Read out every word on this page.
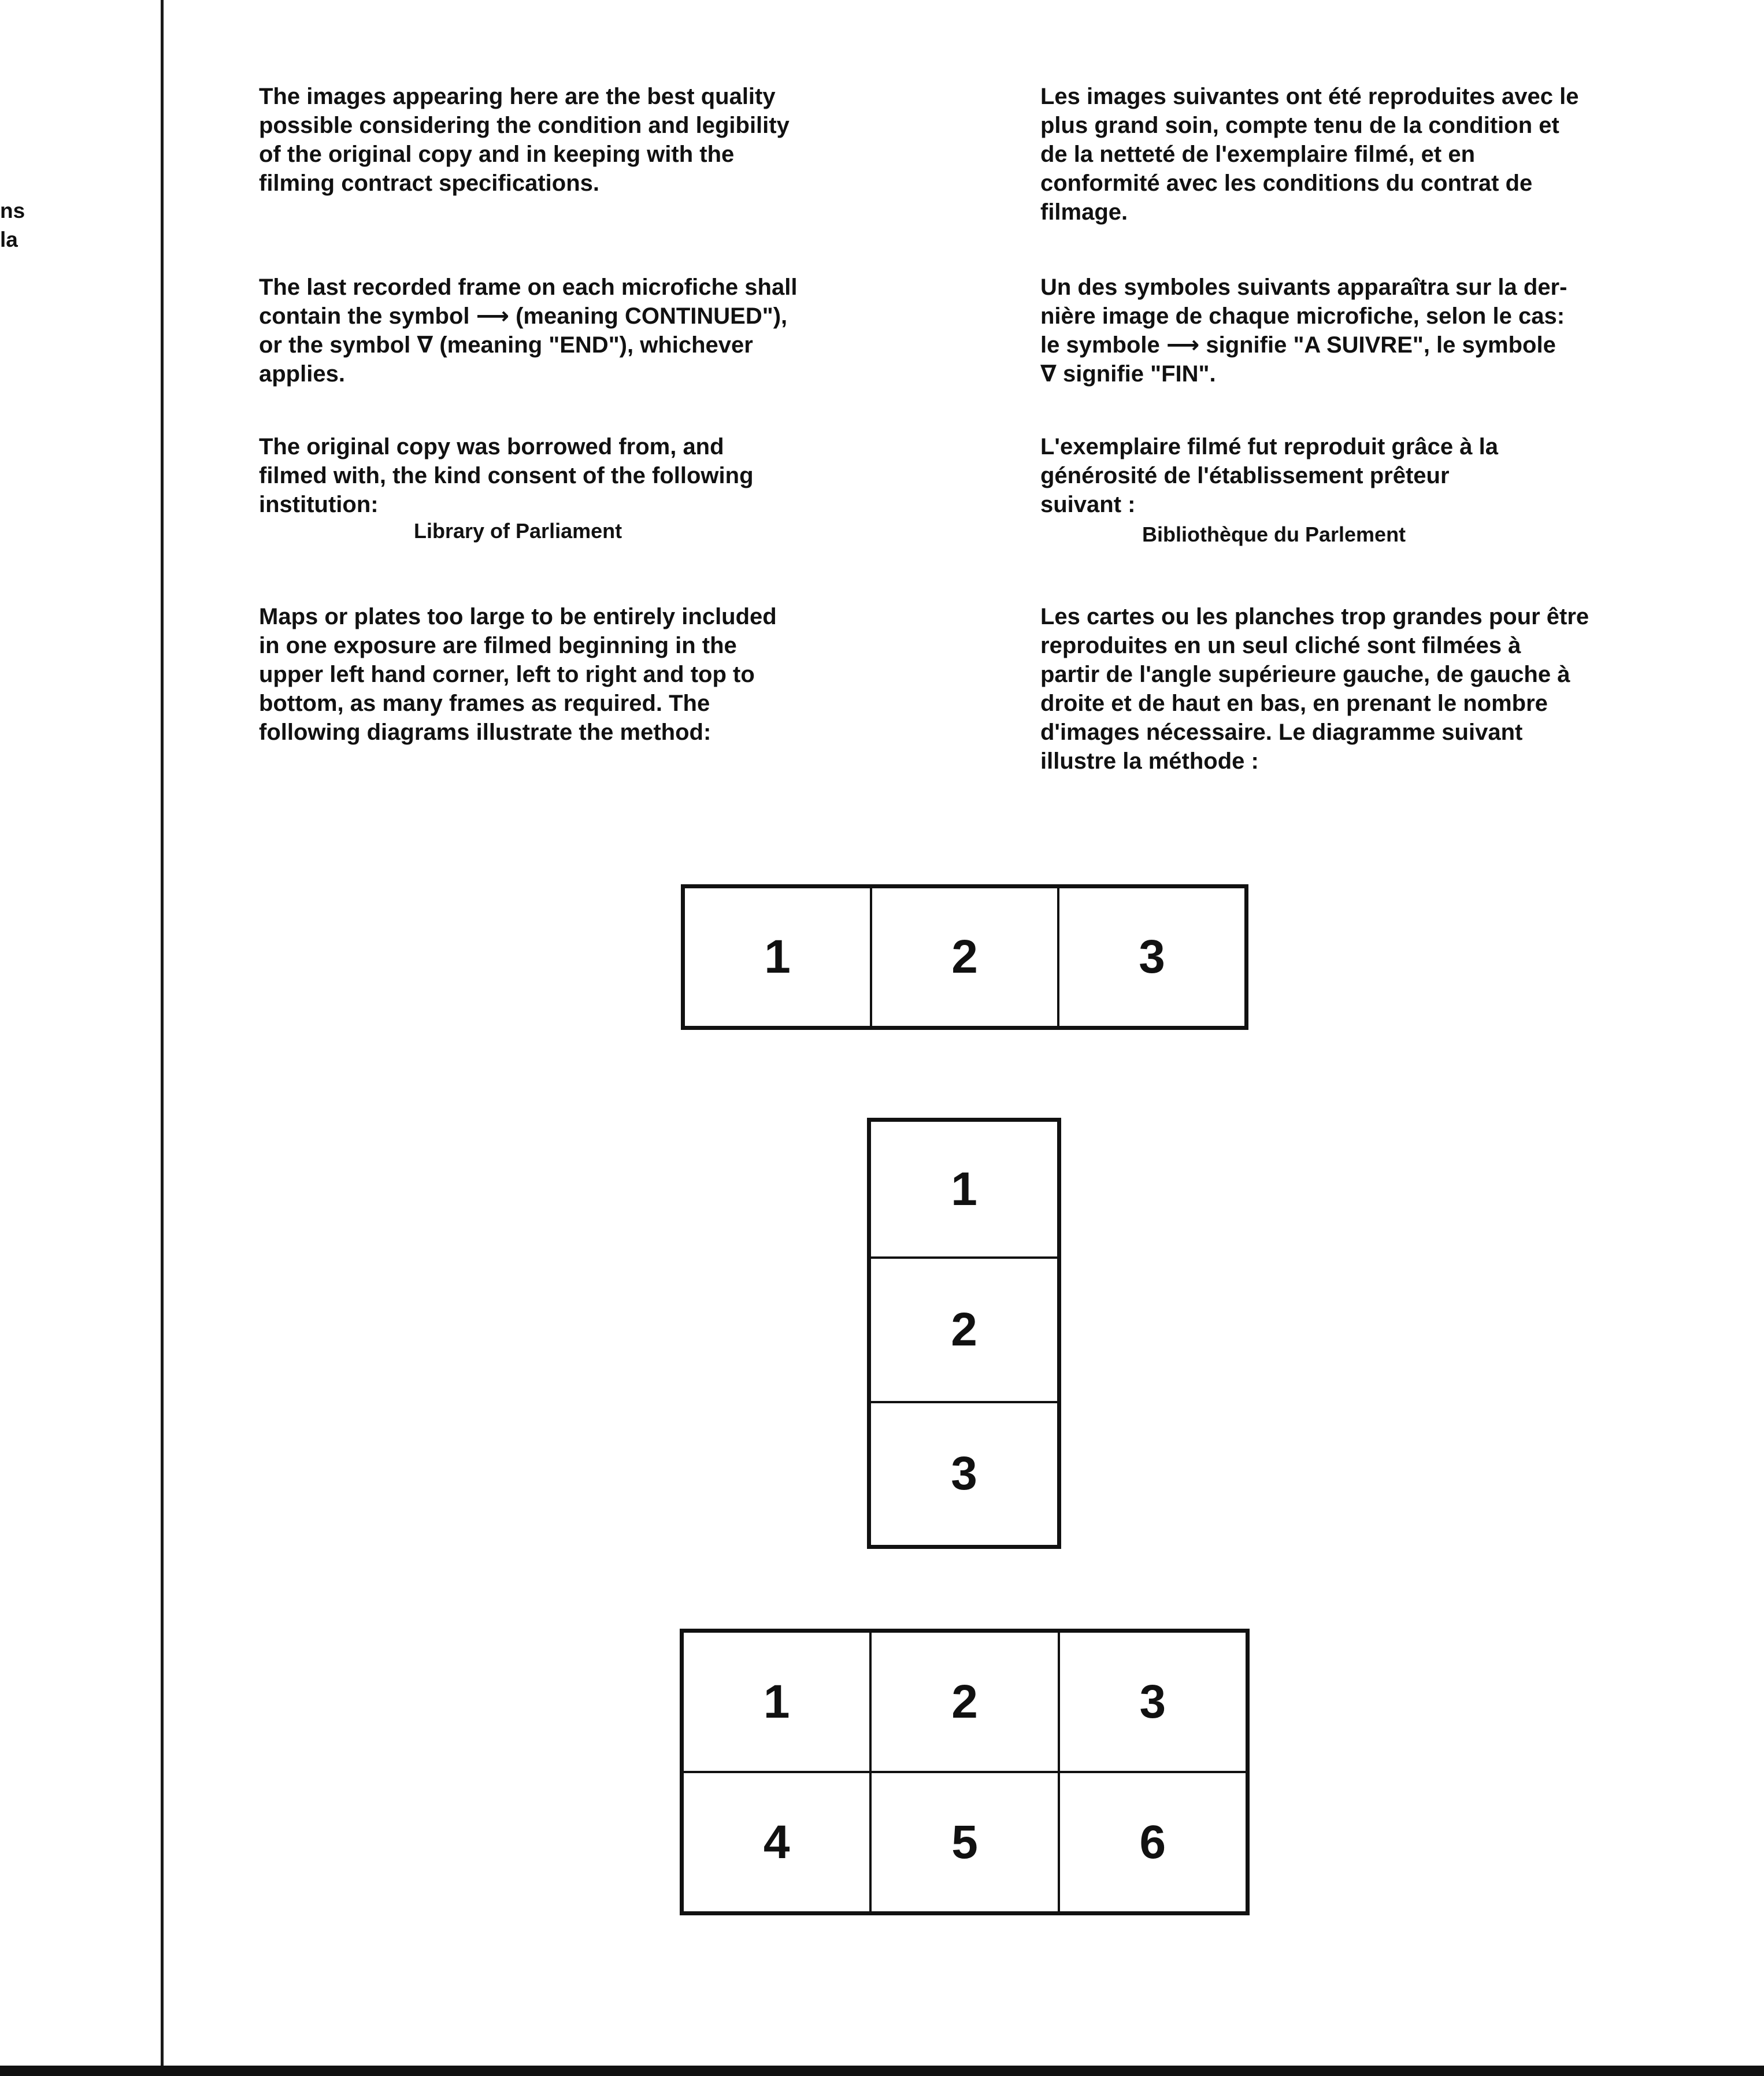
ns
la

The images appearing here are the best quality
possible considering the condition and legibility
of the original copy and in keeping with the
filming contract specifications.

The last recorded frame on each microfiche shall
contain the symbol ⟶ (meaning CONTINUED"),
or the symbol ∇ (meaning "END"), whichever
applies.

The original copy was borrowed from, and
filmed with, the kind consent of the following
institution:

Library of Parliament

Maps or plates too large to be entirely included
in one exposure are filmed beginning in the
upper left hand corner, left to right and top to
bottom, as many frames as required. The
following diagrams illustrate the method:

Les images suivantes ont été reproduites avec le
plus grand soin, compte tenu de la condition et
de la netteté de l'exemplaire filmé, et en
conformité avec les conditions du contrat de
filmage.

Un des symboles suivants apparaîtra sur la der-
nière image de chaque microfiche, selon le cas:
le symbole ⟶ signifie "A SUIVRE", le symbole
∇ signifie "FIN".

L'exemplaire filmé fut reproduit grâce à la
générosité de l'établissement prêteur
suivant :

Bibliothèque du Parlement

Les cartes ou les planches trop grandes pour être
reproduites en un seul cliché sont filmées à
partir de l'angle supérieure gauche, de gauche à
droite et de haut en bas, en prenant le nombre
d'images nécessaire. Le diagramme suivant
illustre la méthode :

1	2	3
1
2
3
1	2	3
4	5	6
